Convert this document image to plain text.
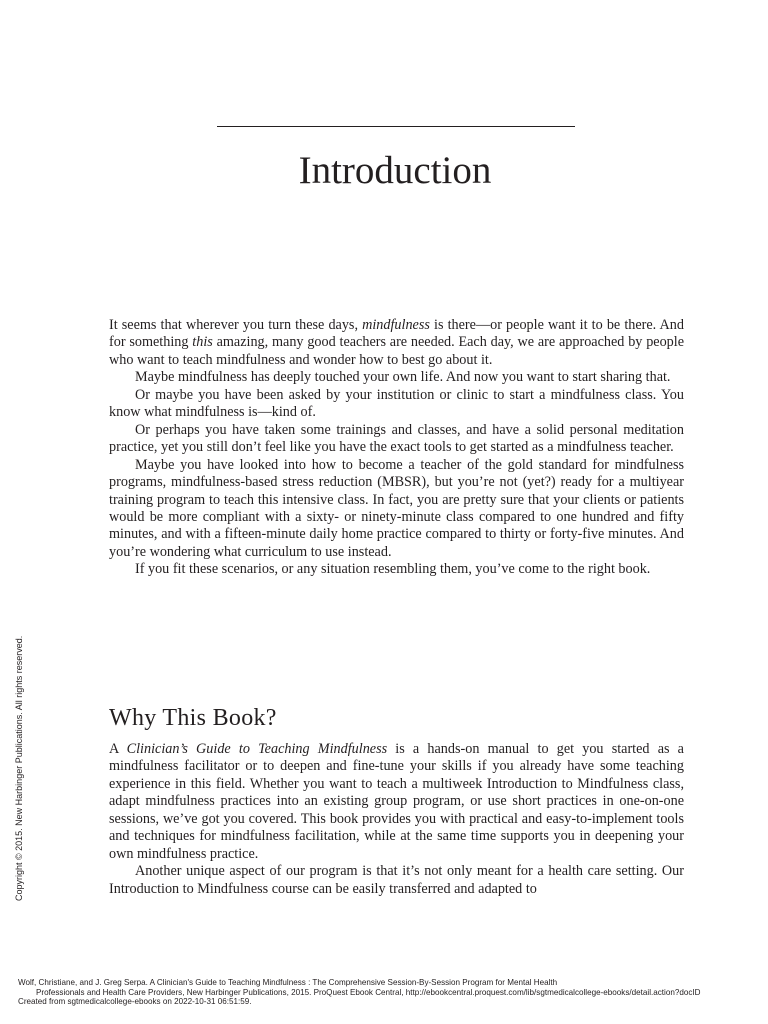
Introduction

It seems that wherever you turn these days, mindfulness is there—or people want it to be there. And for something this amazing, many good teachers are needed. Each day, we are approached by people who want to teach mindfulness and wonder how to best go about it.

Maybe mindfulness has deeply touched your own life. And now you want to start sharing that.

Or maybe you have been asked by your institution or clinic to start a mindfulness class. You know what mindfulness is—kind of.

Or perhaps you have taken some trainings and classes, and have a solid personal meditation practice, yet you still don’t feel like you have the exact tools to get started as a mindfulness teacher.

Maybe you have looked into how to become a teacher of the gold standard for mindfulness programs, mindfulness-based stress reduction (MBSR), but you’re not (yet?) ready for a multiyear training program to teach this intensive class. In fact, you are pretty sure that your clients or patients would be more compliant with a sixty- or ninety-minute class compared to one hundred and fifty minutes, and with a fifteen-minute daily home practice compared to thirty or forty-five minutes. And you’re wondering what curriculum to use instead.

If you fit these scenarios, or any situation resembling them, you’ve come to the right book.

Why This Book?

A Clinician’s Guide to Teaching Mindfulness is a hands-on manual to get you started as a mindfulness facilitator or to deepen and fine-tune your skills if you already have some teaching experience in this field. Whether you want to teach a multiweek Introduction to Mindfulness class, adapt mindfulness practices into an existing group program, or use short practices in one-on-one sessions, we’ve got you covered. This book provides you with practical and easy-to-implement tools and techniques for mindfulness facilitation, while at the same time supports you in deepening your own mindfulness practice.

Another unique aspect of our program is that it’s not only meant for a health care setting. Our Introduction to Mindfulness course can be easily transferred and adapted to

Copyright © 2015. New Harbinger Publications. All rights reserved.
Wolf, Christiane, and J. Greg Serpa. A Clinician's Guide to Teaching Mindfulness : The Comprehensive Session-By-Session Program for Mental Health
Professionals and Health Care Providers, New Harbinger Publications, 2015. ProQuest Ebook Central, http://ebookcentral.proquest.com/lib/sgtmedicalcollege-ebooks/detail.action?docID
Created from sgtmedicalcollege-ebooks on 2022-10-31 06:51:59.
